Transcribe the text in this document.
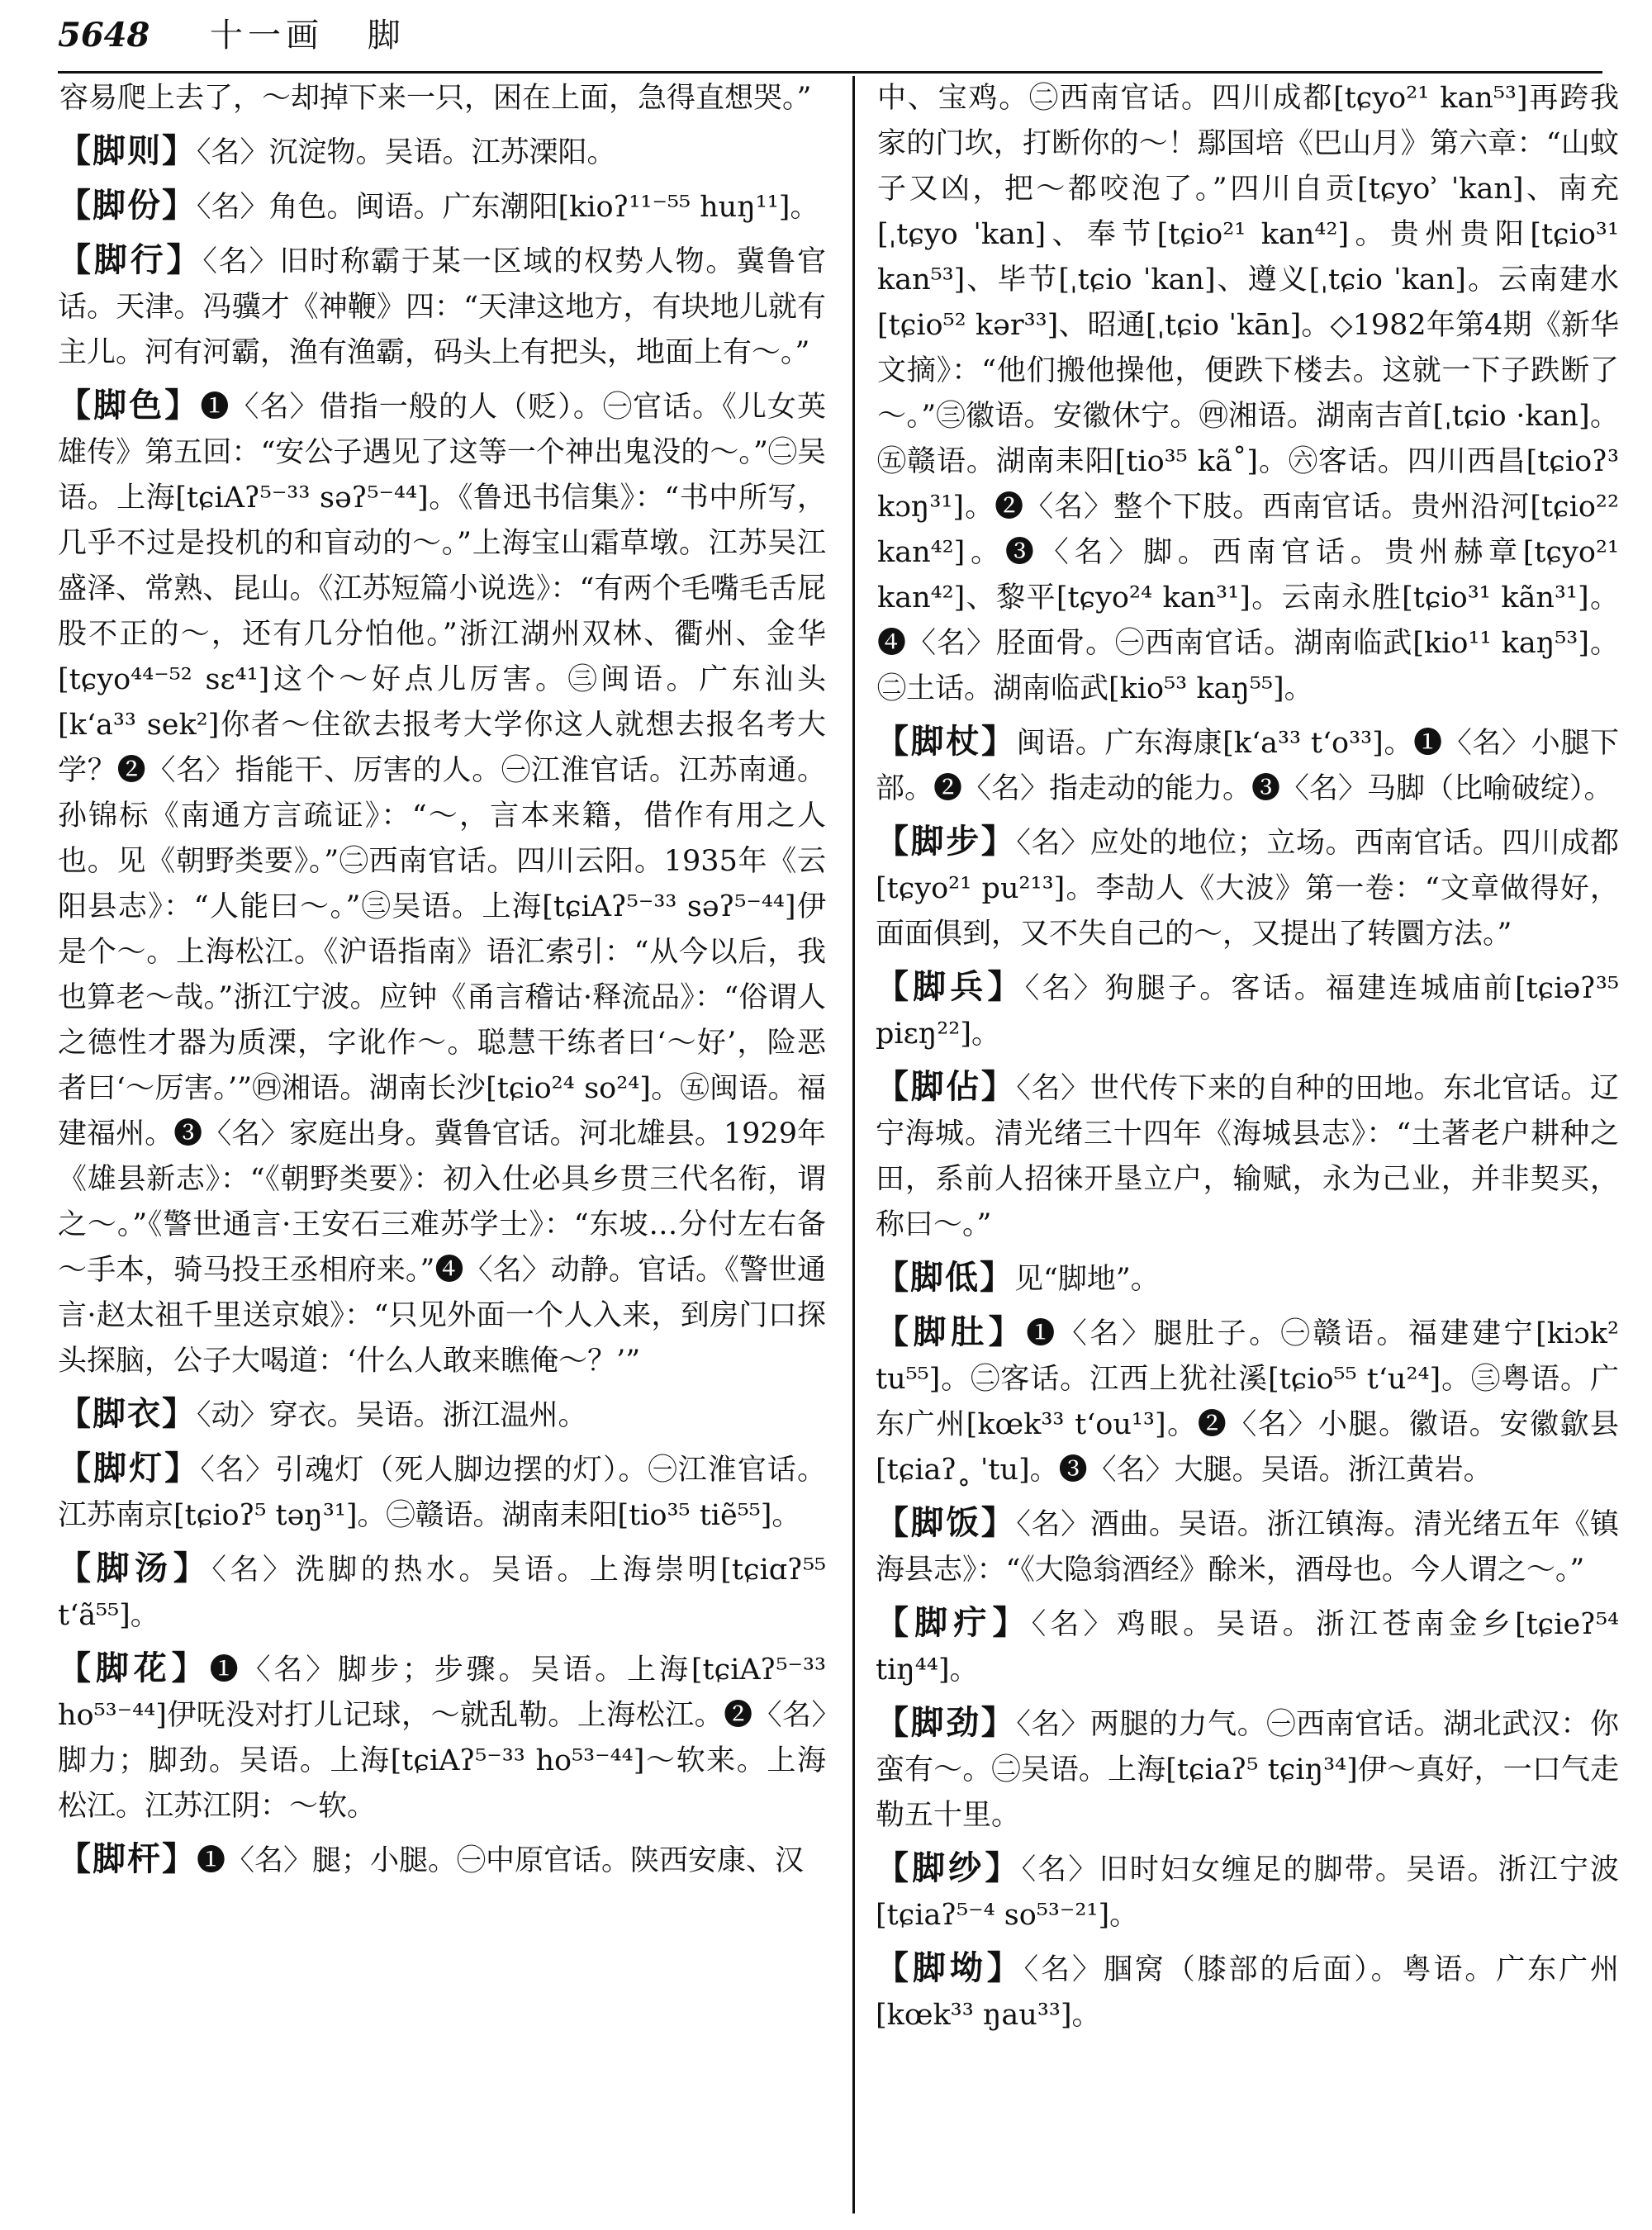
5648 十一画 脚

容易爬上去了，～却掉下来一只，困在上面，急得直想哭。”

【脚则】〈名〉沉淀物。吴语。江苏溧阳。

【脚份】〈名〉角色。闽语。广东潮阳[kioʔ¹¹⁻⁵⁵ huŋ¹¹]。

【脚行】〈名〉旧时称霸于某一区域的权势人物。冀鲁官话。天津。冯骥才《神鞭》四：“天津这地方，有块地儿就有主儿。河有河霸，渔有渔霸，码头上有把头，地面上有～。”

【脚色】❶〈名〉借指一般的人（贬）。㊀官话。《儿女英雄传》第五回：“安公子遇见了这等一个神出鬼没的～。”㊁吴语。上海[tɕiAʔ⁵⁻³³ səʔ⁵⁻⁴⁴]。《鲁迅书信集》：“书中所写，几乎不过是投机的和盲动的～。”上海宝山霜草墩。江苏吴江盛泽、常熟、昆山。《江苏短篇小说选》：“有两个毛嘴毛舌屁股不正的～，还有几分怕他。”浙江湖州双林、衢州、金华[tɕyo⁴⁴⁻⁵² sɛ⁴¹]这个～好点儿厉害。㊂闽语。广东汕头[kʻa³³ sek²]你者～住欲去报考大学你这人就想去报名考大学？❷〈名〉指能干、厉害的人。㊀江淮官话。江苏南通。孙锦标《南通方言疏证》：“～，言本来籍，借作有用之人也。见《朝野类要》。”㊁西南官话。四川云阳。1935年《云阳县志》：“人能曰～。”㊂吴语。上海[tɕiAʔ⁵⁻³³ səʔ⁵⁻⁴⁴]伊是个～。上海松江。《沪语指南》语汇索引：“从今以后，我也算老～哉。”浙江宁波。应钟《甬言稽诂·释流品》：“俗谓人之德性才器为质溧，字讹作～。聪慧干练者曰‘～好’，险恶者曰‘～厉害。’”㊃湘语。湖南长沙[tɕio²⁴ so²⁴]。㊄闽语。福建福州。❸〈名〉家庭出身。冀鲁官话。河北雄县。1929年《雄县新志》：“《朝野类要》：初入仕必具乡贯三代名衔，谓之～。”《警世通言·王安石三难苏学士》：“东坡…分付左右备～手本，骑马投王丞相府来。”❹〈名〉动静。官话。《警世通言·赵太祖千里送京娘》：“只见外面一个人入来，到房门口探头探脑，公子大喝道：‘什么人敢来瞧俺～？’”

【脚衣】〈动〉穿衣。吴语。浙江温州。

【脚灯】〈名〉引魂灯（死人脚边摆的灯）。㊀江淮官话。江苏南京[tɕioʔ⁵ təŋ³¹]。㊁赣语。湖南耒阳[tio³⁵ tiẽ⁵⁵]。

【脚汤】〈名〉洗脚的热水。吴语。上海崇明[tɕiɑʔ⁵⁵ tʻã⁵⁵]。

【脚花】❶〈名〉脚步；步骤。吴语。上海[tɕiAʔ⁵⁻³³ ho⁵³⁻⁴⁴]伊呒没对打儿记球，～就乱勒。上海松江。❷〈名〉脚力；脚劲。吴语。上海[tɕiAʔ⁵⁻³³ ho⁵³⁻⁴⁴]～软来。上海松江。江苏江阴：～软。

【脚杆】❶〈名〉腿；小腿。㊀中原官话。陕西安康、汉

中、宝鸡。㊁西南官话。四川成都[tɕyo²¹ kan⁵³]再跨我家的门坎，打断你的～！鄢国培《巴山月》第六章：“山蚊子又凶，把～都咬泡了。”四川自贡[tɕyoʾ ˈkan]、南充[ˌtɕyo ˈkan]、奉节[tɕio²¹ kan⁴²]。贵州贵阳[tɕio³¹ kan⁵³]、毕节[ˌtɕio ˈkan]、遵义[ˌtɕio ˈkan]。云南建水[tɕio⁵² kər³³]、昭通[ˌtɕio ˈkān]。◇1982年第4期《新华文摘》：“他们搬他操他，便跌下楼去。这就一下子跌断了～。”㊂徽语。安徽休宁。㊃湘语。湖南吉首[ˌtɕio ·kan]。㊄赣语。湖南耒阳[tio³⁵ kã˚]。㊅客话。四川西昌[tɕioʔ³ kɔŋ³¹]。❷〈名〉整个下肢。西南官话。贵州沿河[tɕio²² kan⁴²]。❸〈名〉脚。西南官话。贵州赫章[tɕyo²¹ kan⁴²]、黎平[tɕyo²⁴ kan³¹]。云南永胜[tɕio³¹ kãn³¹]。❹〈名〉胫面骨。㊀西南官话。湖南临武[kio¹¹ kaŋ⁵³]。㊁土话。湖南临武[kio⁵³ kaŋ⁵⁵]。

【脚杖】闽语。广东海康[kʻa³³ tʻo³³]。❶〈名〉小腿下部。❷〈名〉指走动的能力。❸〈名〉马脚（比喻破绽）。

【脚步】〈名〉应处的地位；立场。西南官话。四川成都[tɕyo²¹ pu²¹³]。李劼人《大波》第一卷：“文章做得好，面面俱到，又不失自己的～，又提出了转圜方法。”

【脚兵】〈名〉狗腿子。客话。福建连城庙前[tɕiəʔ³⁵ piɛŋ²²]。

【脚佔】〈名〉世代传下来的自种的田地。东北官话。辽宁海城。清光绪三十四年《海城县志》：“土著老户耕种之田，系前人招徕开垦立户，输赋，永为己业，并非契买，称曰～。”

【脚低】见“脚地”。

【脚肚】❶〈名〉腿肚子。㊀赣语。福建建宁[kiɔk² tu⁵⁵]。㊁客话。江西上犹社溪[tɕio⁵⁵ tʻu²⁴]。㊂粤语。广东广州[kœk³³ tʻou¹³]。❷〈名〉小腿。徽语。安徽歙县[tɕiaʔ˳ ˈtu]。❸〈名〉大腿。吴语。浙江黄岩。

【脚饭】〈名〉酒曲。吴语。浙江镇海。清光绪五年《镇海县志》：“《大隐翁酒经》酴米，酒母也。今人谓之～。”

【脚疔】〈名〉鸡眼。吴语。浙江苍南金乡[tɕieʔ⁵⁴ tiŋ⁴⁴]。

【脚劲】〈名〉两腿的力气。㊀西南官话。湖北武汉：你蛮有～。㊁吴语。上海[tɕiaʔ⁵ tɕiŋ³⁴]伊～真好，一口气走勒五十里。

【脚纱】〈名〉旧时妇女缠足的脚带。吴语。浙江宁波[tɕiaʔ⁵⁻⁴ so⁵³⁻²¹]。

【脚坳】〈名〉腘窝（膝部的后面）。粤语。广东广州[kœk³³ ŋau³³]。
